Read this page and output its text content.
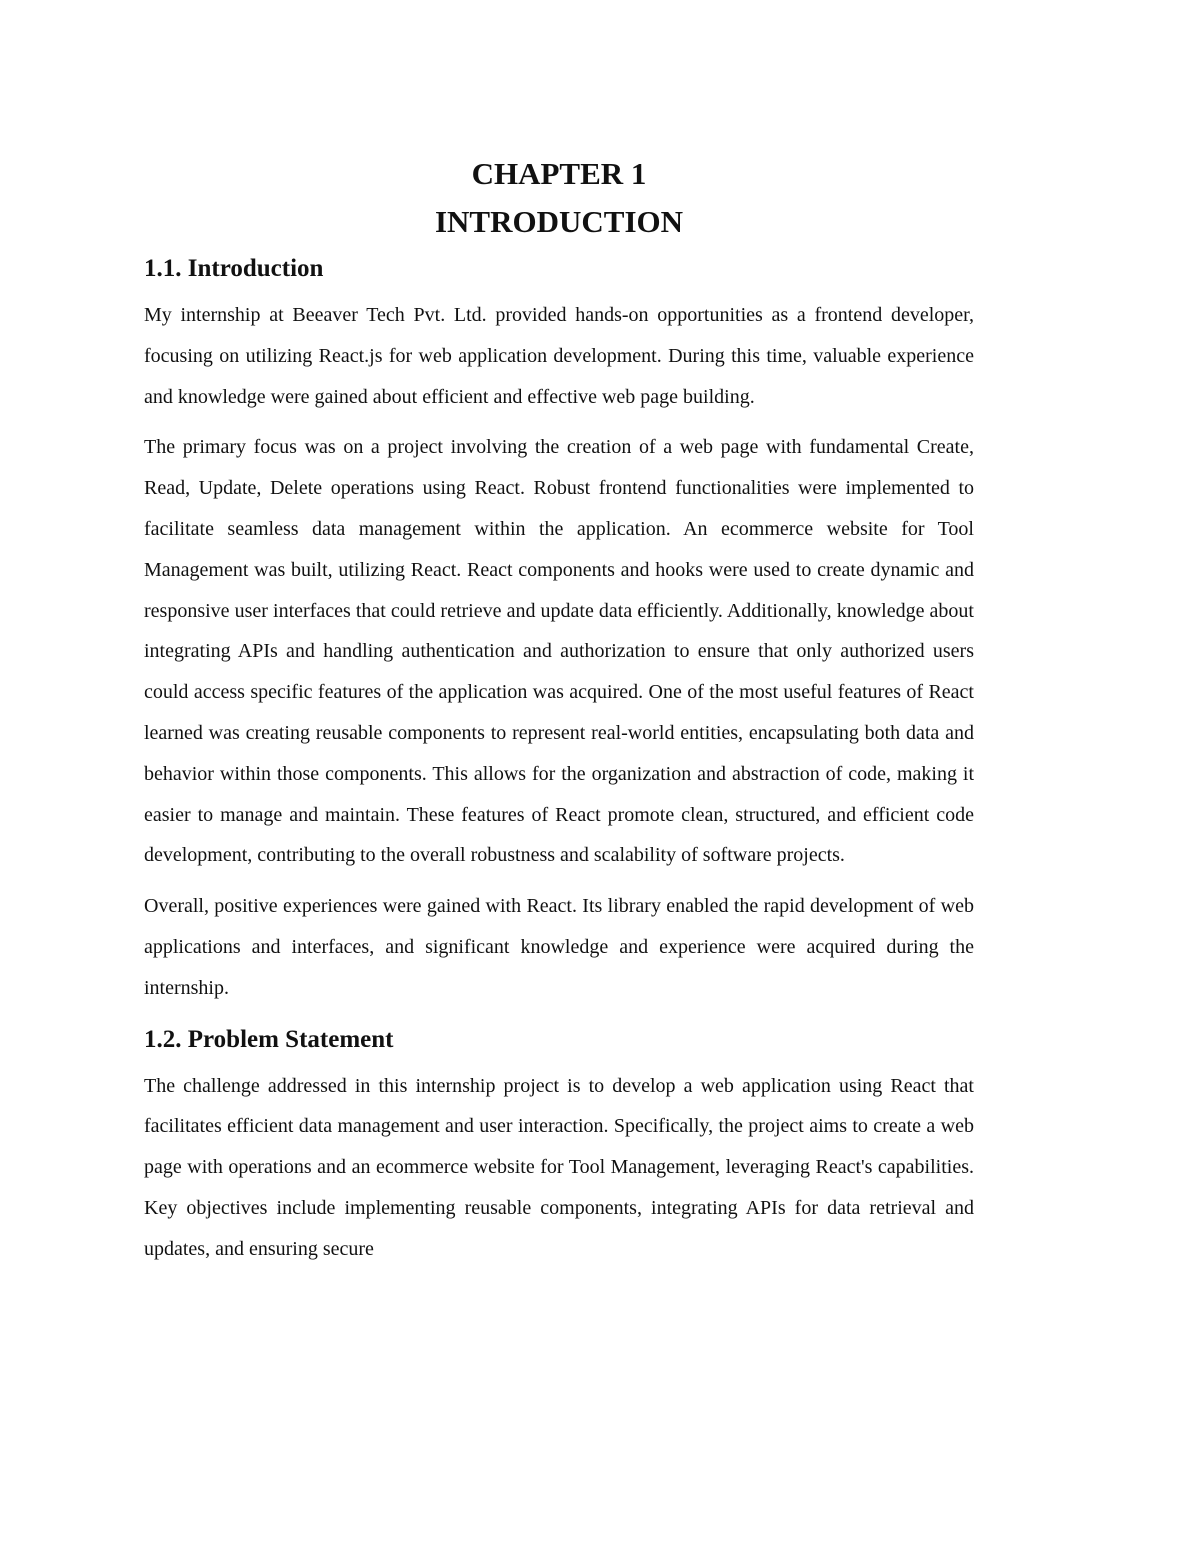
CHAPTER 1
INTRODUCTION
1.1. Introduction

My internship at Beeaver Tech Pvt. Ltd. provided hands-on opportunities as a frontend developer, focusing on utilizing React.js for web application development. During this time, valuable experience and knowledge were gained about efficient and effective web page building.

The primary focus was on a project involving the creation of a web page with fundamental Create, Read, Update, Delete operations using React. Robust frontend functionalities were implemented to facilitate seamless data management within the application. An ecommerce website for Tool Management was built, utilizing React. React components and hooks were used to create dynamic and responsive user interfaces that could retrieve and update data efficiently. Additionally, knowledge about integrating APIs and handling authentication and authorization to ensure that only authorized users could access specific features of the application was acquired. One of the most useful features of React learned was creating reusable components to represent real-world entities, encapsulating both data and behavior within those components. This allows for the organization and abstraction of code, making it easier to manage and maintain. These features of React promote clean, structured, and efficient code development, contributing to the overall robustness and scalability of software projects.

Overall, positive experiences were gained with React. Its library enabled the rapid development of web applications and interfaces, and significant knowledge and experience were acquired during the internship.

1.2. Problem Statement

The challenge addressed in this internship project is to develop a web application using React that facilitates efficient data management and user interaction. Specifically, the project aims to create a web page with operations and an ecommerce website for Tool Management, leveraging React's capabilities. Key objectives include implementing reusable components, integrating APIs for data retrieval and updates, and ensuring secure
